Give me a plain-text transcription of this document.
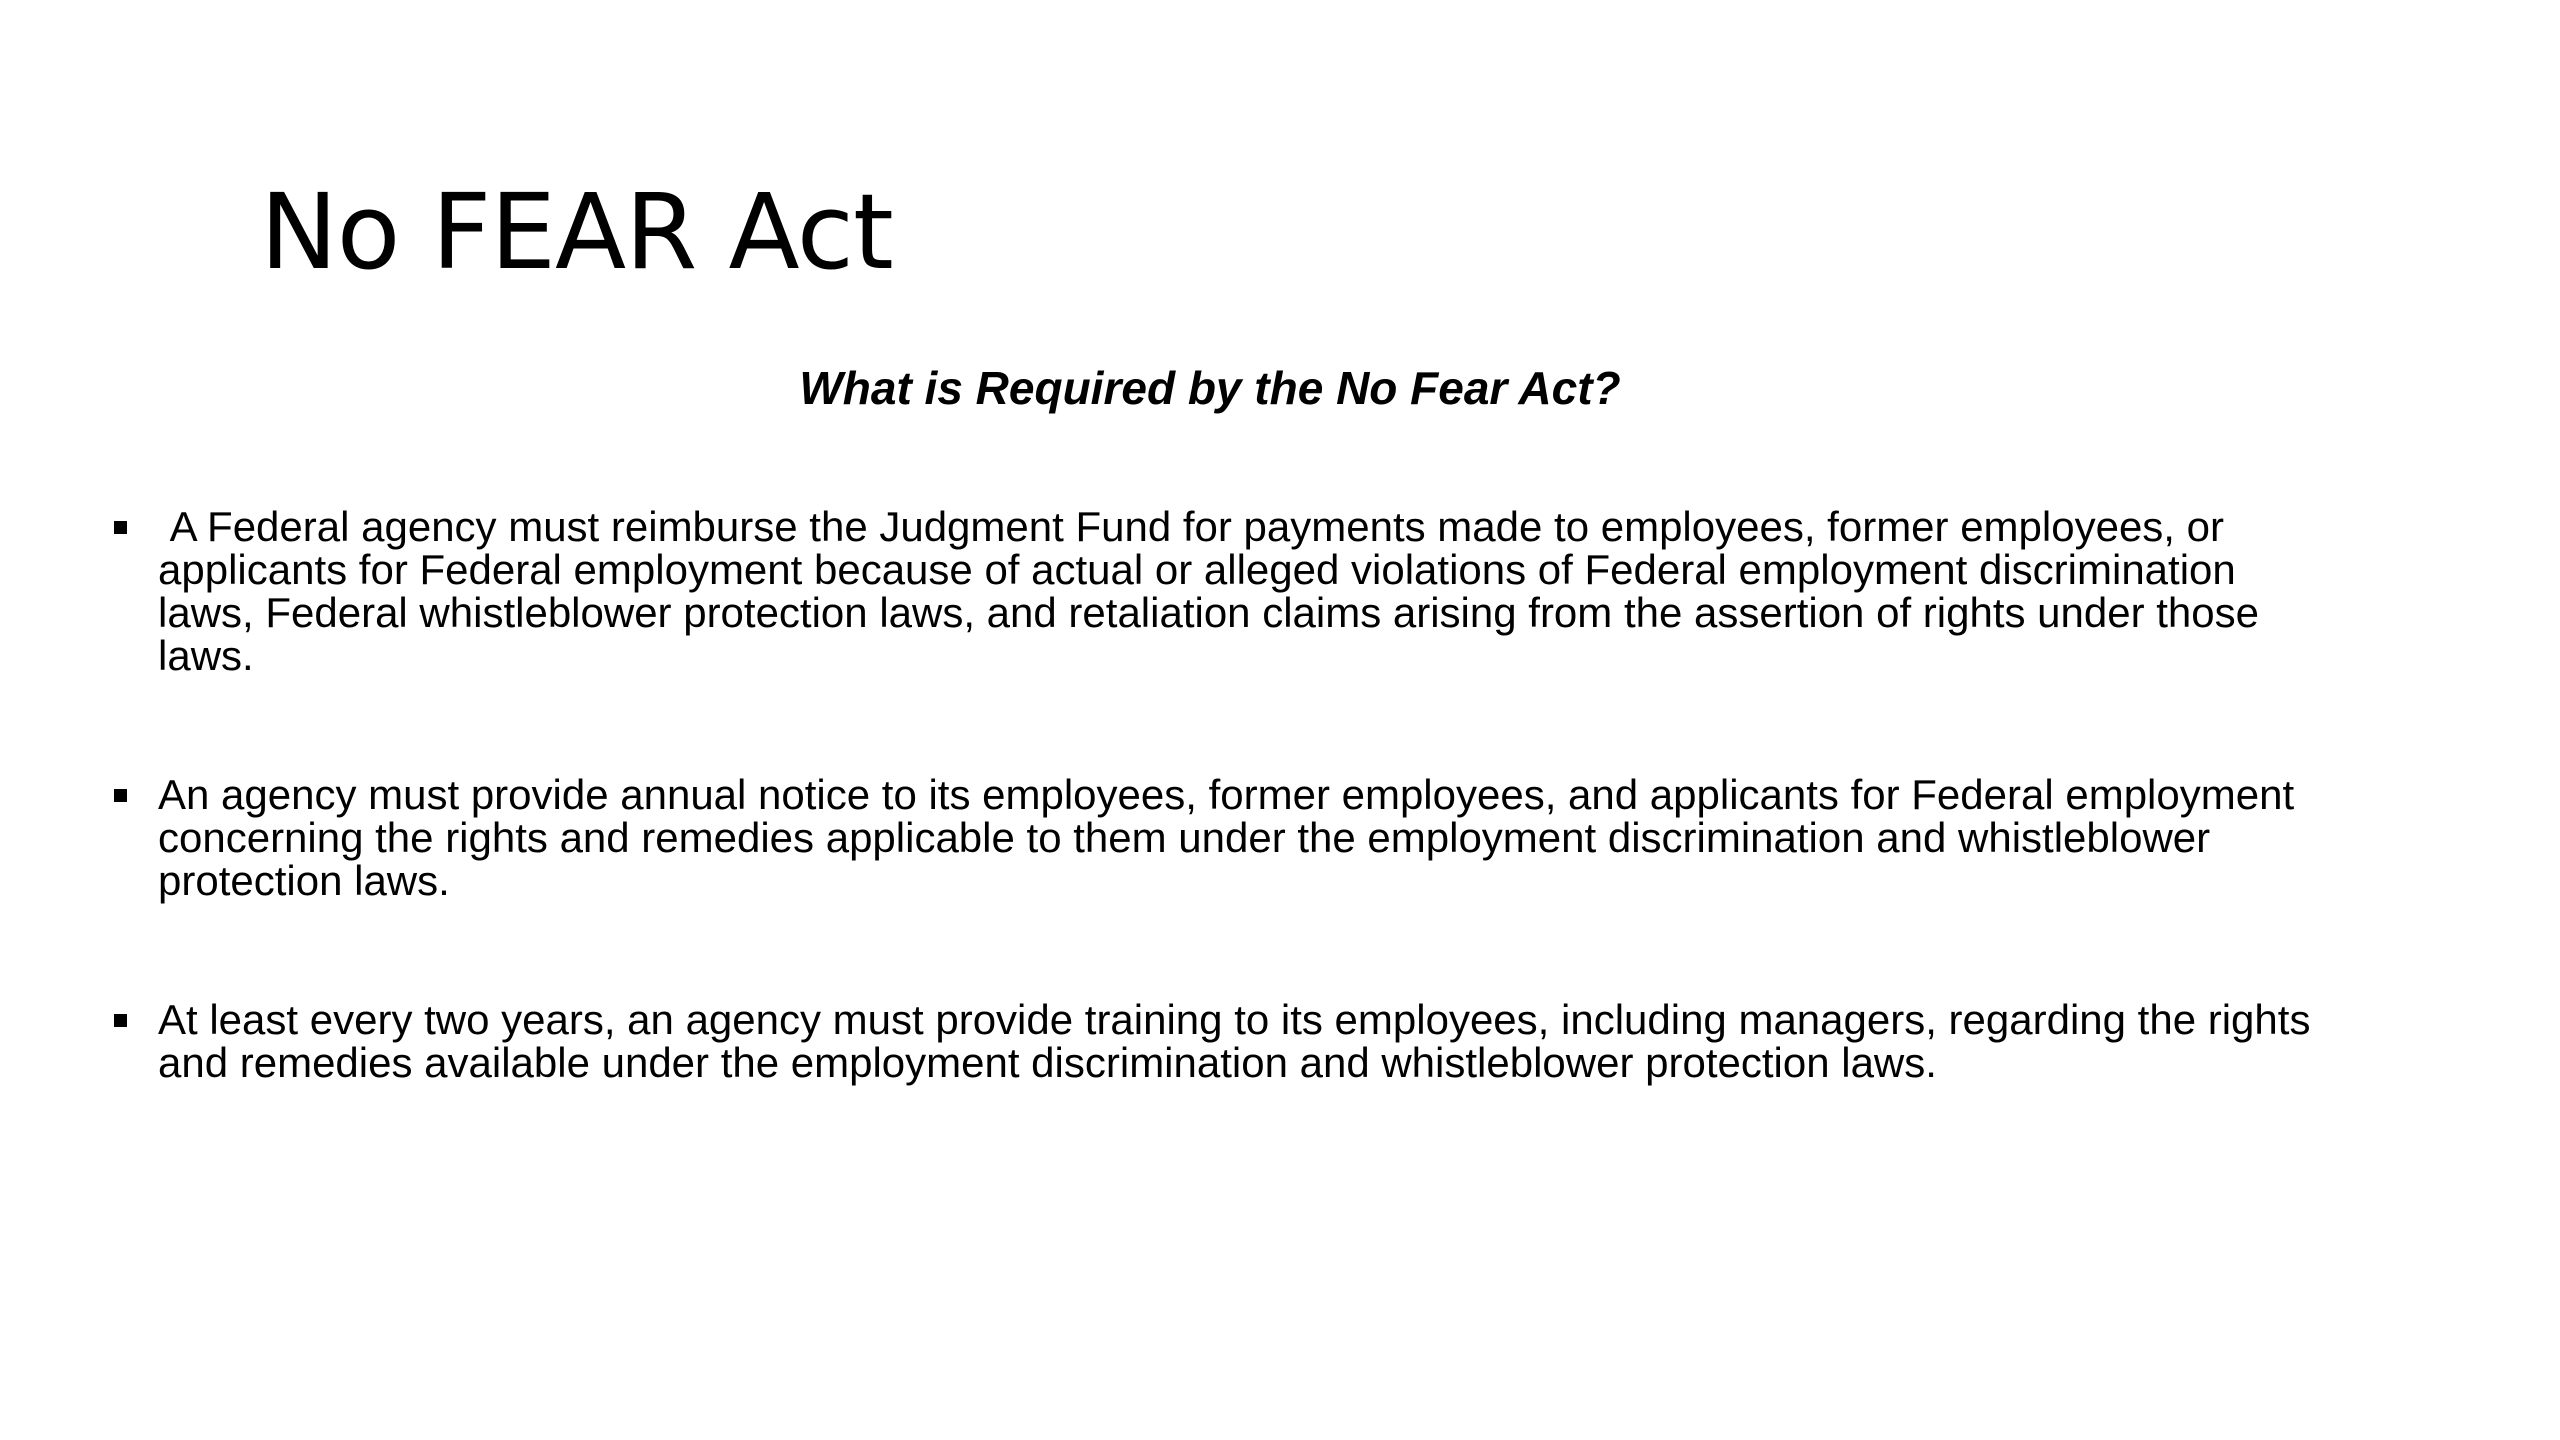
No FEAR Act
What is Required by the No Fear Act?
A Federal agency must reimburse the Judgment Fund for payments made to employees, former employees, or applicants for Federal employment because of actual or alleged violations of Federal employment discrimination laws, Federal whistleblower protection laws, and retaliation claims arising from the assertion of rights under those laws.
An agency must provide annual notice to its employees, former employees, and applicants for Federal employment concerning the rights and remedies applicable to them under the employment discrimination and whistleblower protection laws.
At least every two years, an agency must provide training to its employees, including managers, regarding the rights and remedies available under the employment discrimination and whistleblower protection laws.
